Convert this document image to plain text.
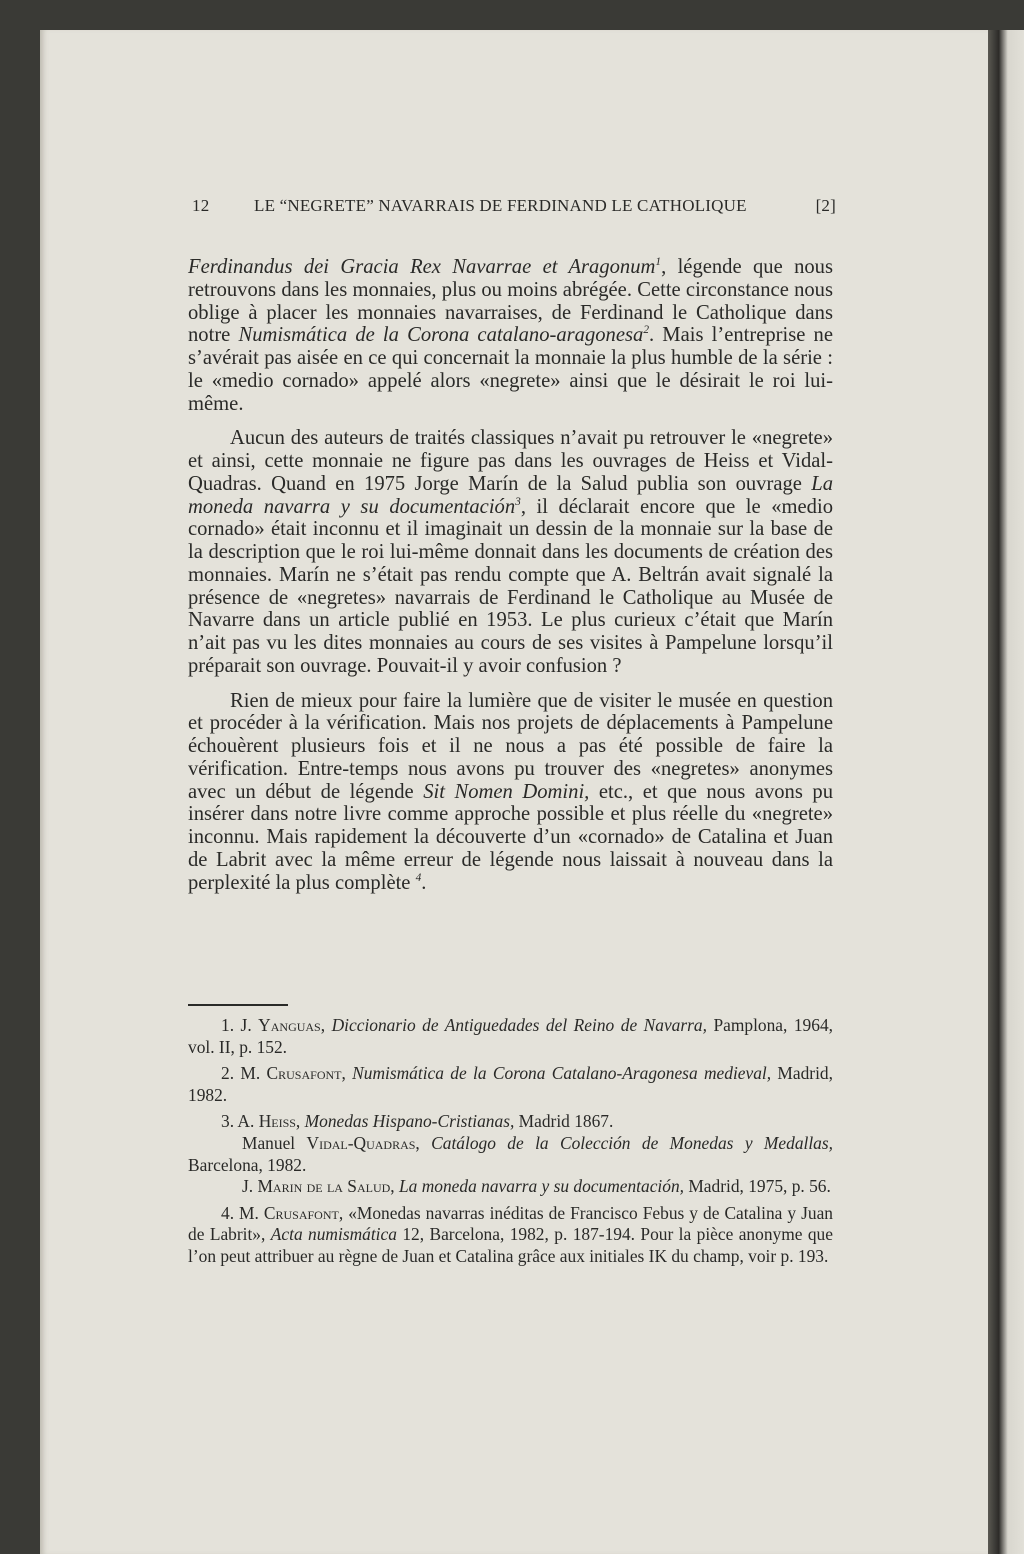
12	LE “NEGRETE” NAVARRAIS DE FERDINAND LE CATHOLIQUE	[2]

Ferdinandus dei Gracia Rex Navarrae et Aragonum$^1$, légende que nous retrouvons dans les monnaies, plus ou moins abrégée. Cette circonstance nous oblige à placer les monnaies navarraises, de Ferdinand le Catholique dans notre Numismática de la Corona catalano-aragonesa$^2$. Mais l’entreprise ne s’avérait pas aisée en ce qui concernait la monnaie la plus humble de la série : le «medio cornado» appelé alors «negrete» ainsi que le désirait le roi lui-même.

Aucun des auteurs de traités classiques n’avait pu retrouver le «negrete» et ainsi, cette monnaie ne figure pas dans les ouvrages de Heiss et Vidal-Quadras. Quand en 1975 Jorge Marín de la Salud publia son ouvrage La moneda navarra y su documentación$^3$, il déclarait encore que le «medio cornado» était inconnu et il imaginait un dessin de la monnaie sur la base de la description que le roi lui-même donnait dans les documents de création des monnaies. Marín ne s’était pas rendu compte que A. Beltrán avait signalé la présence de «negretes» navarrais de Ferdinand le Catholique au Musée de Navarre dans un article publié en 1953. Le plus curieux c’était que Marín n’ait pas vu les dites monnaies au cours de ses visites à Pampelune lorsqu’il préparait son ouvrage. Pouvait-il y avoir confusion ?

Rien de mieux pour faire la lumière que de visiter le musée en question et procéder à la vérification. Mais nos projets de déplacements à Pampelune échouèrent plusieurs fois et il ne nous a pas été possible de faire la vérification. Entre-temps nous avons pu trouver des «negretes» anonymes avec un début de légende Sit Nomen Domini, etc., et que nous avons pu insérer dans notre livre comme approche possible et plus réelle du «negrete» inconnu. Mais rapidement la découverte d’un «cornado» de Catalina et Juan de Labrit avec la même erreur de légende nous laissait à nouveau dans la perplexité la plus complète $^4$.

1. J. Yanguas, Diccionario de Antiguedades del Reino de Navarra, Pamplona, 1964, vol. II, p. 152.

2. M. Crusafont, Numismática de la Corona Catalano-Aragonesa medieval, Madrid, 1982.

3. A. Heiss, Monedas Hispano-Cristianas, Madrid 1867.

Manuel Vidal-Quadras, Catálogo de la Colección de Monedas y Medallas, Barcelona, 1982.

J. Marin de la Salud, La moneda navarra y su documentación, Madrid, 1975, p. 56.

4. M. Crusafont, «Monedas navarras inéditas de Francisco Febus y de Catalina y Juan de Labrit», Acta numismática 12, Barcelona, 1982, p. 187-194. Pour la pièce anonyme que l’on peut attribuer au règne de Juan et Catalina grâce aux initiales IK du champ, voir p. 193.
